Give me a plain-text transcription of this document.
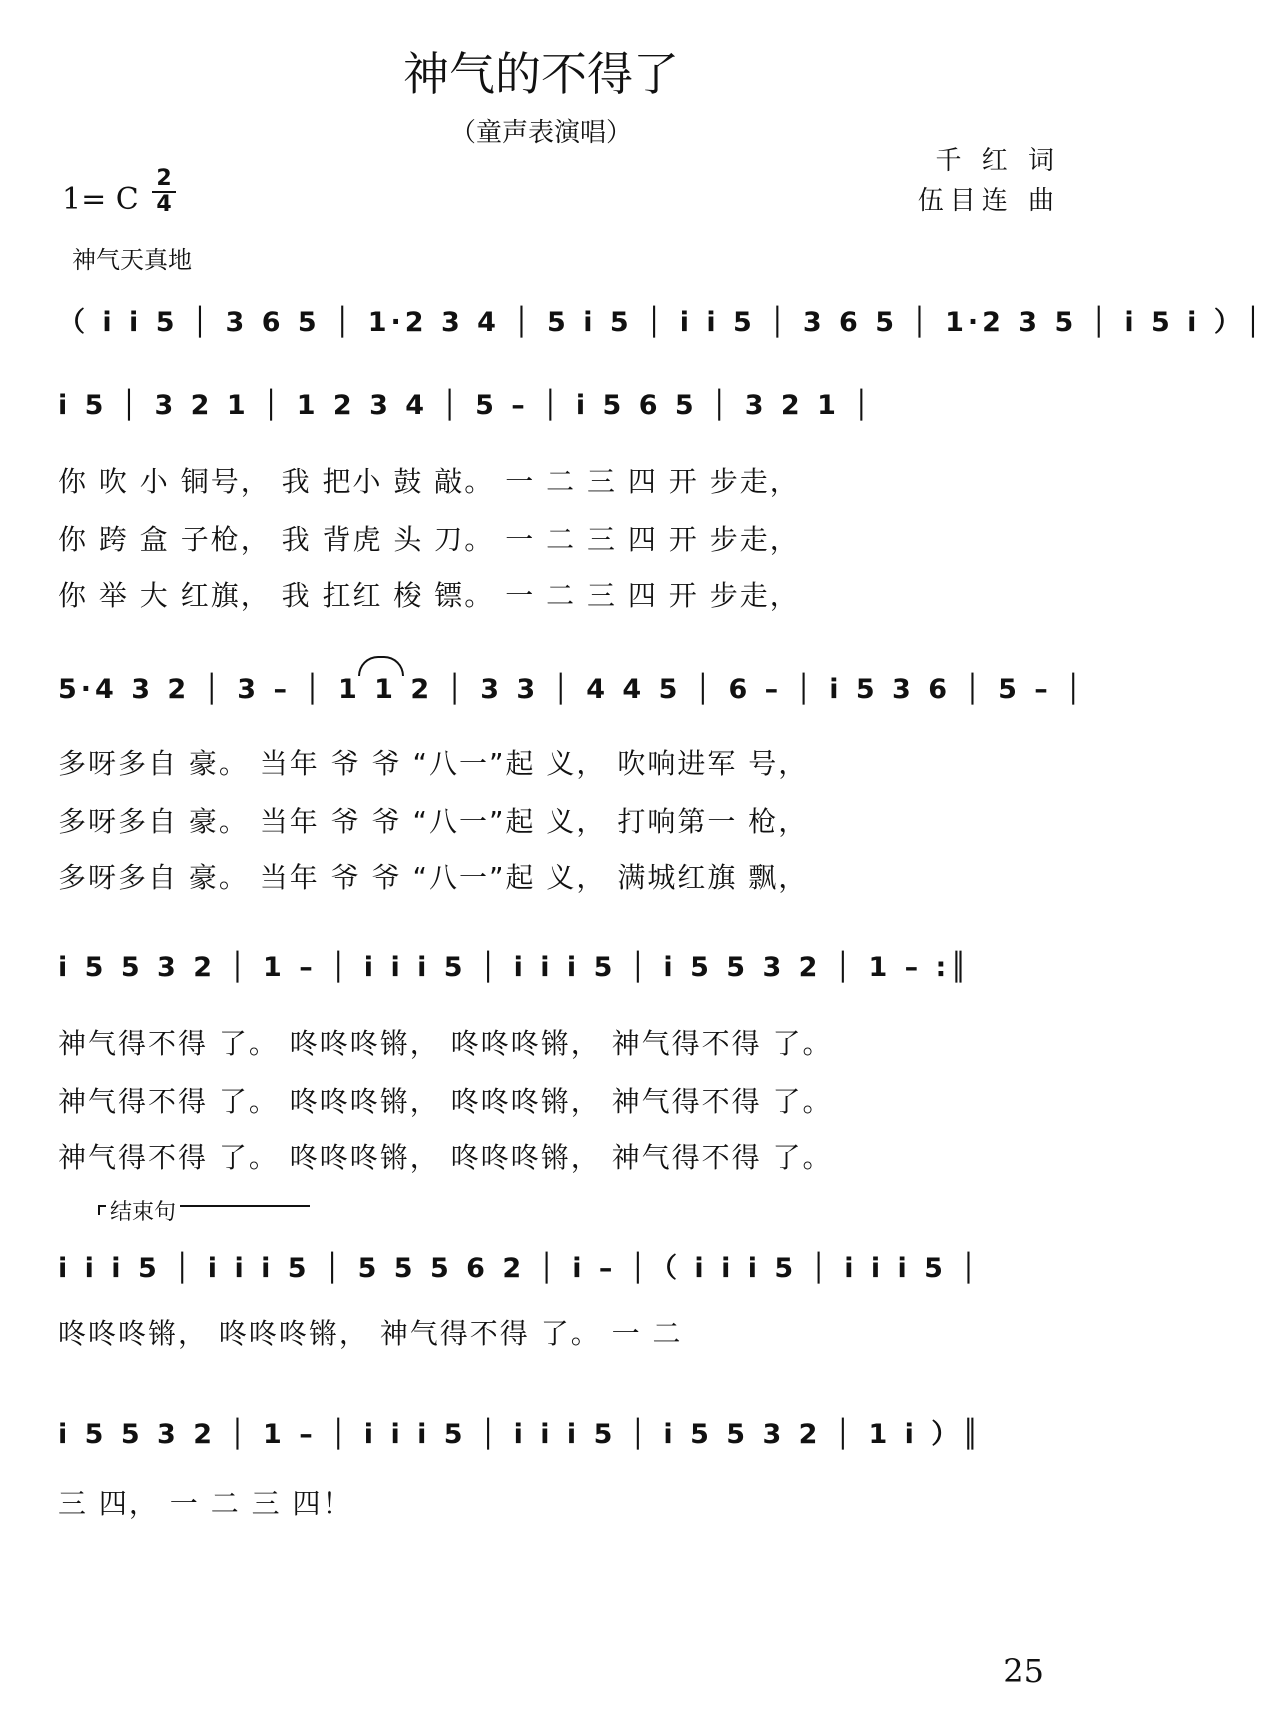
神气的不得了
（童声表演唱）
千 红 词
伍目连 曲
1= C
2
4
神气天真地
（ i i 5 │ 3 6 5 │ 1·2 3 4 │ 5 i 5 │ i i 5 │ 3 6 5 │ 1·2 3 5 │ i 5 i ）│
i 5 │ 3 2 1 │ 1 2 3 4 │ 5 – │ i 5 6 5 │ 3 2 1 │
你 吹 小 铜号， 我 把小 鼓 敲。 一 二 三 四 开 步走，
你 跨 盒 子枪， 我 背虎 头 刀。 一 二 三 四 开 步走，
你 举 大 红旗， 我 扛红 梭 镖。 一 二 三 四 开 步走，
5·4 3 2 │ 3 – │ 1 1 2 │ 3 3 │ 4 4 5 │ 6 – │ i 5 3 6 │ 5 – │
多呀多自 豪。 当年 爷 爷 “八一”起 义， 吹响进军 号，
多呀多自 豪。 当年 爷 爷 “八一”起 义， 打响第一 枪，
多呀多自 豪。 当年 爷 爷 “八一”起 义， 满城红旗 飘，
i 5 5 3 2 │ 1 – │ i i i 5 │ i i i 5 │ i 5 5 3 2 │ 1 – :║
神气得不得 了。 咚咚咚锵， 咚咚咚锵， 神气得不得 了。
神气得不得 了。 咚咚咚锵， 咚咚咚锵， 神气得不得 了。
神气得不得 了。 咚咚咚锵， 咚咚咚锵， 神气得不得 了。
结束句
i i i 5 │ i i i 5 │ 5 5 5 6 2 │ i – │（ i i i 5 │ i i i 5 │
咚咚咚锵， 咚咚咚锵， 神气得不得 了。 一 二
i 5 5 3 2 │ 1 – │ i i i 5 │ i i i 5 │ i 5 5 3 2 │ 1 i ）║
三 四， 一 二 三 四！
25
